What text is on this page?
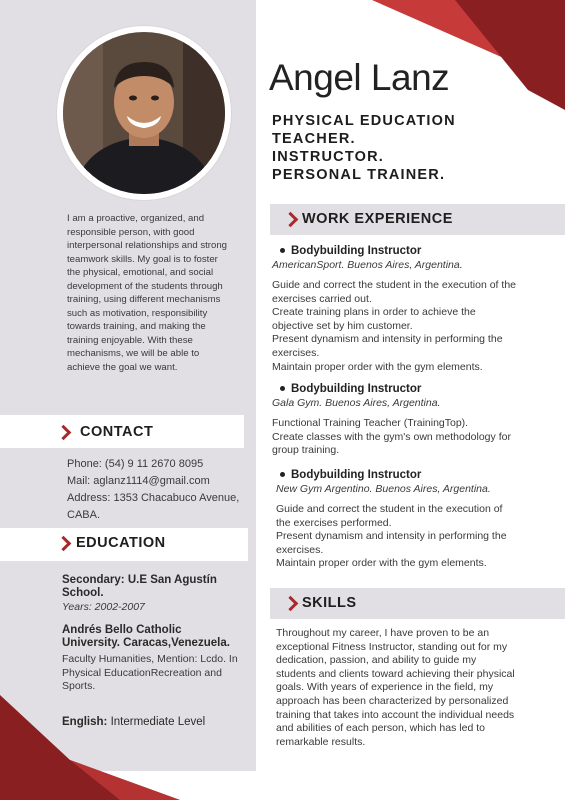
I am a proactive, organized, and responsible person, with good interpersonal relationships and strong teamwork skills. My goal is to foster the physical, emotional, and social development of the students through training, using different mechanisms such as motivation, responsibility towards training, and making the training enjoyable. With these mechanisms, we will be able to achieve the goal we want.
CONTACT
Phone: (54) 9 11 2670 8095
Mail: aglanz1114@gmail.com
Address: 1353 Chacabuco Avenue,
CABA.
EDUCATION
Secondary: U.E San Agustín School.
Years: 2002-2007
Andrés Bello Catholic University. Caracas,Venezuela.
Faculty Humanities, Mention: Lcdo. In Physical EducationRecreation and Sports.
English: Intermediate Level
Angel Lanz
PHYSICAL EDUCATION TEACHER.
INSTRUCTOR.
PERSONAL TRAINER.
WORK EXPERIENCE
Bodybuilding Instructor
AmericanSport. Buenos Aires, Argentina.
Guide and correct the student in the execution of the exercises carried out.
Create training plans in order to achieve the objective set by him customer.
Present dynamism and intensity in performing the exercises.
Maintain proper order with the gym elements.
Bodybuilding Instructor
Gala Gym. Buenos Aires, Argentina.
Functional Training Teacher (TrainingTop).
Create classes with the gym's own methodology for group training.
Bodybuilding Instructor
New Gym Argentino. Buenos Aires, Argentina.
Guide and correct the student in the execution of the exercises performed.
Present dynamism and intensity in performing the exercises.
Maintain proper order with the gym elements.
SKILLS
Throughout my career, I have proven to be an exceptional Fitness Instructor, standing out for my dedication, passion, and ability to guide my students and clients toward achieving their physical goals. With years of experience in the field, my approach has been characterized by personalized training that takes into account the individual needs and abilities of each person, which has led to remarkable results.
